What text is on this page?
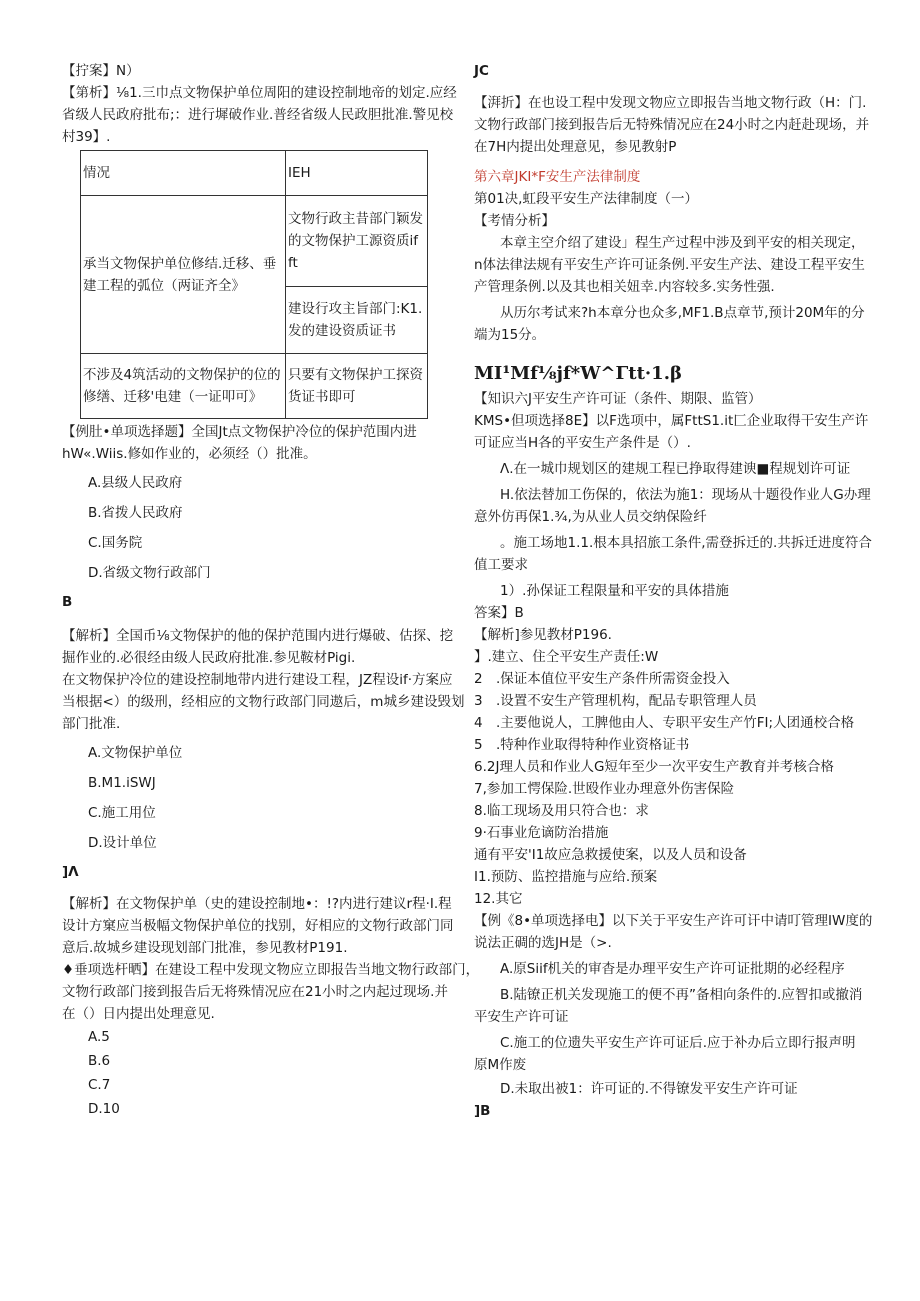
【拧案】N）
【第析】⅛1.三巾点文物保护单位周阳的建设控制地帝的划定.应经
省级人民政府批布;：进行墀破作业.普经省级人民政胆批准.警见校
村39】.
情况	IEH
承当文物保护单位修结.迁移、垂建工程的弧位（两证齐全》	文物行政主昔部门颖发的文物保护工源资质if ft
	建设行攻主旨部门:K1.发的建设资质证书
不涉及4筑活动的文物保护的位的修缮、迁移'电建（一证叩可》	只要有文物保护工探资货证书即可
【例肚•单项选择题】全国Jt点文物保护冷位的保护范围内进
hW«.Wiis.修如作业的，必须经（）批准。
A.县级人民政府
B.省拨人民政府
C.国务院
D.省级文物行政部门
B
【解析】全国币⅛文物保护的他的保护范围内进行爆破、估探、挖
掘作业的.必很经由级人民政府批准.参见鞍材Pigi.
在文物保护冷位的建设控制地带内进行建设工程，JZ程设if·方案应
当根据<）的级刑，经相应的文物行政部门同遨后，m城乡建设毁划
部门批准.
A.文物保护单位
B.M1.iSWJ
C.施工用位
D.设计单位
]Λ
【解析】在文物保护单（史的建设控制地•：!?内进行建议r程·I.程
设计方窠应当极幅文物保护单位的找别，好相应的文物行政部门同
意后.故城乡建设现划部门批准，参见教材P191.
♦垂项选杆晒】在建设工程中发现文物应立即报告当地文物行政部门，
文物行政部门接到报告后无将殊情况应在21小时之内起过现场.并
在（）日内提出处理意见.
A.5
B.6
C.7
D.10
JC
【湃折】在也设工程中发现文物应立即报告当地文物行政（H：门.
文物行政部门接到报告后无特殊情况应在24小时之内赶赴现场，并
在7H内提出处理意见，参见教射P
第六章JKI*F安生产法律制度
第01决,虹段平安生产法律制度（一）
【考情分析】
本章主空介绍了建设」程生产过程中涉及到平安的相关现定，
n体法律法规有平安生产许可证条例.平安生产法、建设工程平安生
产管理条例.以及其也相关妞幸.内容较多.实务性强.
从历尔考试来?h本章分也众多,MF1.B点章节,预计20M年的分
端为15分。
MI¹Mf⅛jf*W^Γtt·1.β
【知识六J平安生产许可证（条件、期限、监管）
KMS•但项选择8E】以F选项中，属FttS1.it匚企业取得干安生产许
可证应当H各的平安生产条件是（）.
Λ.在一城巾规划区的建规工程已挣取得建谀■程规划许可证
H.依法替加工伤保的，依法为施1：现场从十题役作业人G办理
意外仿再保1.¾,为从业人员交纳保险纤
。施工场地1.1.根本具招旅工条件,需登拆迁的.共拆迁进度符合
值工要求
1）.孙保证工程限量和平安的具体措施
答案】B
【解析]参见教材P196.
】.建立、住仝平安生产责任:W
2 .保证本值位平安生产条件所需资金投入
3 .设置不安生产管理机构，配品专职管理人员
4 .主要他说人，工脾他由人、专职平安生产竹FI;人团通校合格
5 .特种作业取得特种作业资格证书
6.2J理人员和作业人G短年至少一次平安生产教育并考核合格
7,参加工愕保险.世殴作业办理意外伤害保险
8.临工现场及用只符合也：求
9·石事业危谪防治措施
通有平安'I1故应急救援使案，以及人员和设备
I1.预防、监控措施与应给.预案
12.其它
【例《8•单项选择电】以下关于平安生产许可讦中请叮管理IW度的
说法正碉的选JH是（>.
A.原Siif机关的审杳是办理平安生产许可证批期的必经程序
B.陆镣正机关发现施工的便不再”备相向条件的.应智扣或撤消
平安生产许可证
C.施工的位遗失平安生产许可证后.应于补办后立即行报声明
原M作废
D.未取出被1：许可证的.不得镣发平安生产许可证
]B
